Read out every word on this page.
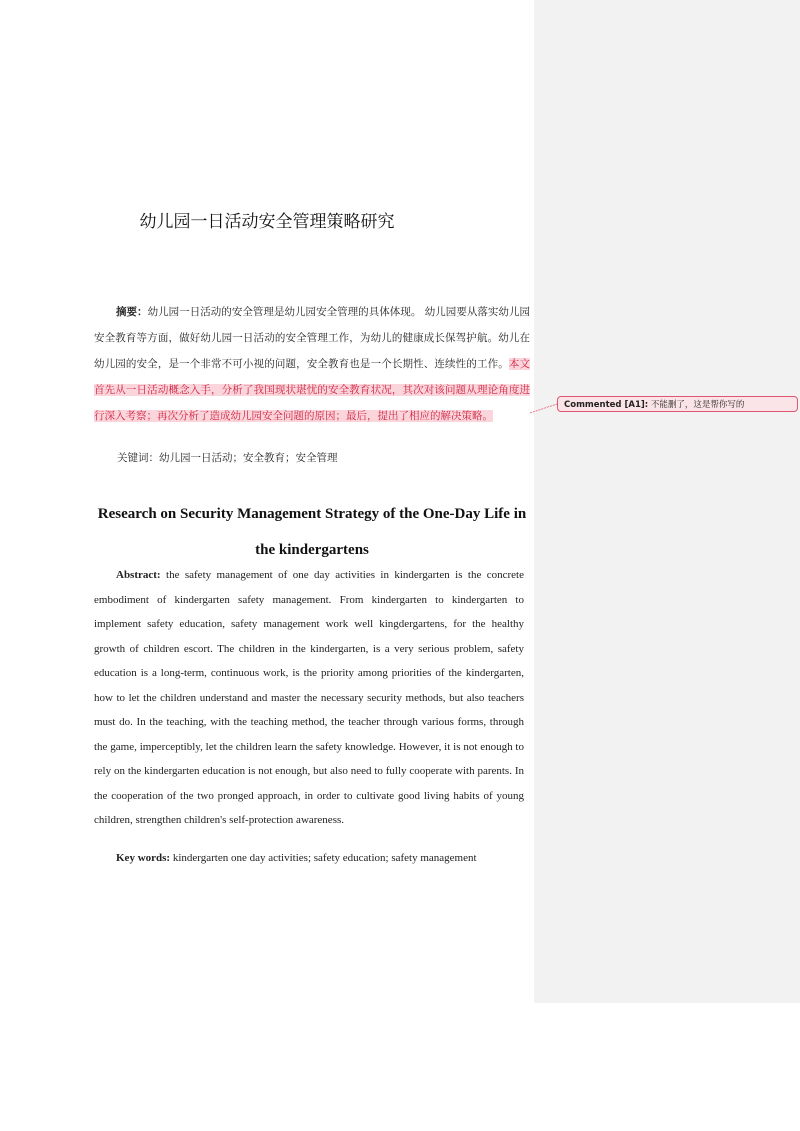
幼儿园一日活动安全管理策略研究
摘要：幼儿园一日活动的安全管理是幼儿园安全管理的具体体现。 幼儿园要从落实幼儿园安全教育等方面，做好幼儿园一日活动的安全管理工作，为幼儿的健康成长保驾护航。幼儿在幼儿园的安全，是一个非常不可小视的问题，安全教育也是一个长期性、连续性的工作。本文首先从一日活动概念入手，分析了我国现状堪忧的安全教育状况，其次对该问题从理论角度进行深入考察；再次分析了造成幼儿园安全问题的原因；最后，提出了相应的解决策略。
关键词：幼儿园一日活动；安全教育；安全管理
Research on Security Management Strategy of the One-Day Life in the kindergartens
Abstract: the safety management of one day activities in kindergarten is the concrete embodiment of kindergarten safety management. From kindergarten to kindergarten to implement safety education, safety management work well kingdergartens, for the healthy growth of children escort. The children in the kindergarten, is a very serious problem, safety education is a long-term, continuous work, is the priority among priorities of the kindergarten, how to let the children understand and master the necessary security methods, but also teachers must do. In the teaching, with the teaching method, the teacher through various forms, through the game, imperceptibly, let the children learn the safety knowledge. However, it is not enough to rely on the kindergarten education is not enough, but also need to fully cooperate with parents. In the cooperation of the two pronged approach, in order to cultivate good living habits of young children, strengthen children's self-protection awareness.
Key words: kindergarten one day activities; safety education; safety management
Commented [A1]: 不能删了，这是帮你写的
